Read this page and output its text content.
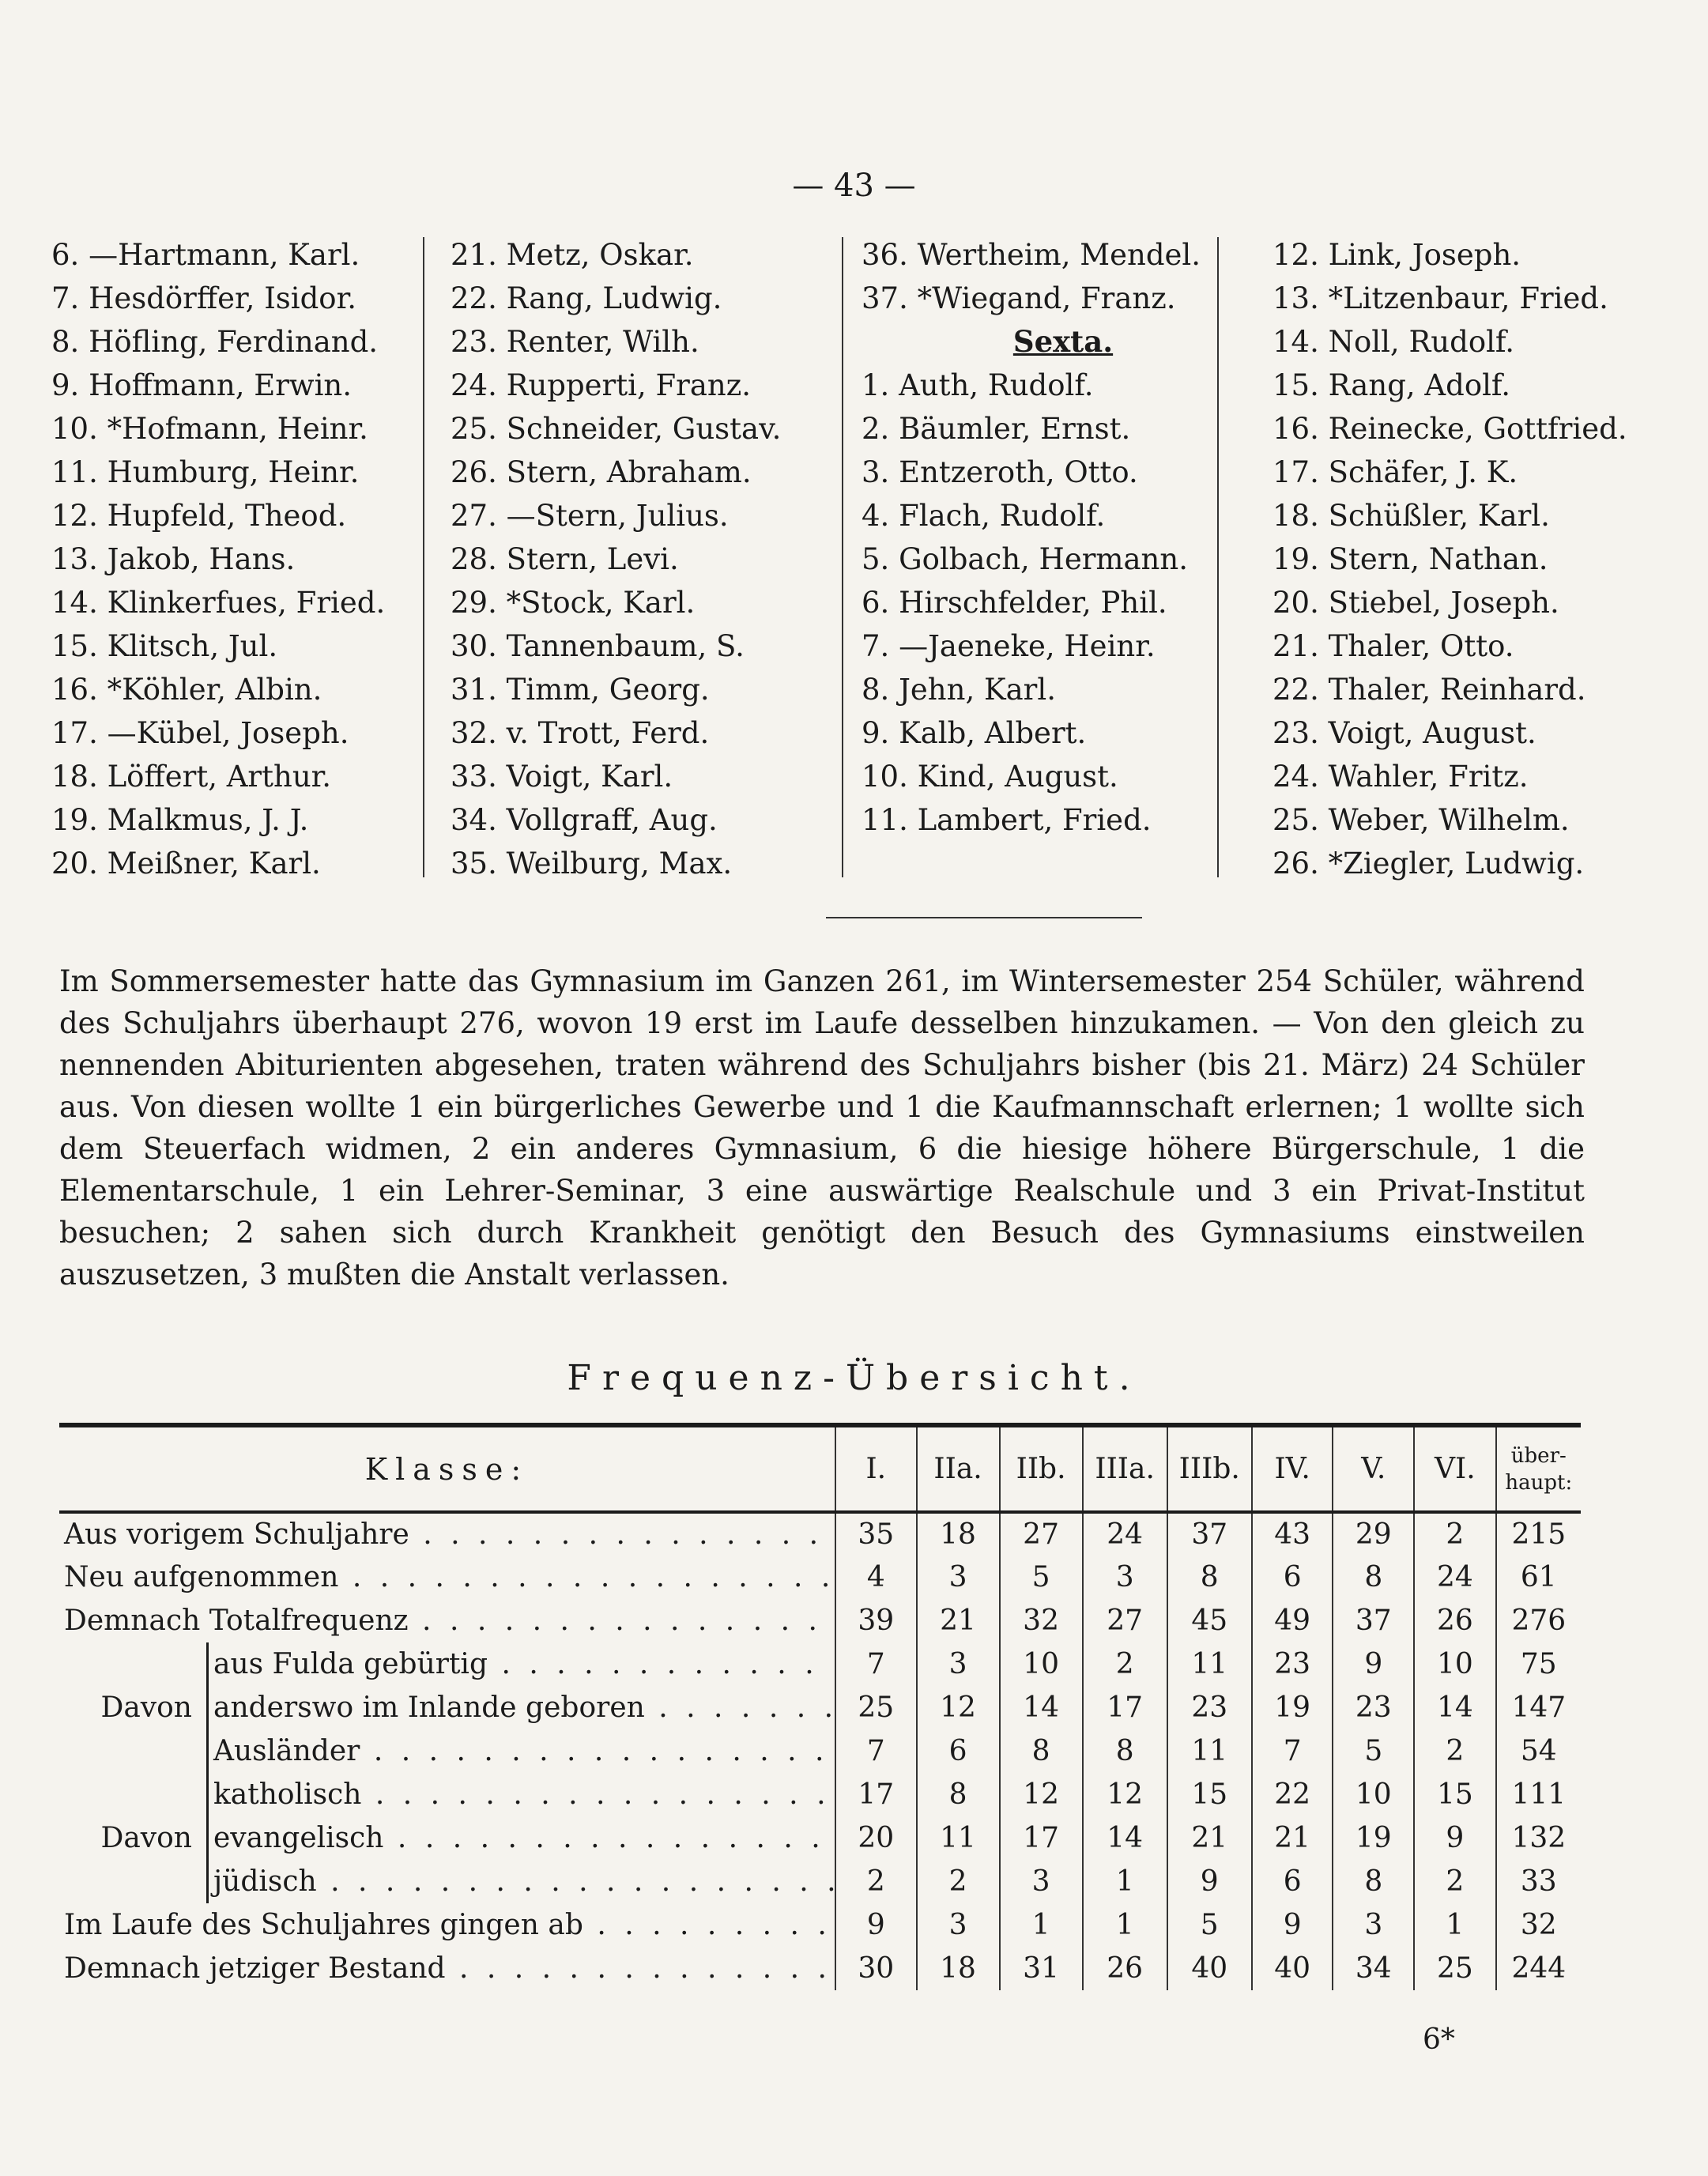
— 43 —
6. —Hartmann, Karl.
7. Hesdörffer, Isidor.
8. Höfling, Ferdinand.
9. Hoffmann, Erwin.
10. *Hofmann, Heinr.
11. Humburg, Heinr.
12. Hupfeld, Theod.
13. Jakob, Hans.
14. Klinkerfues, Fried.
15. Klitsch, Jul.
16. *Köhler, Albin.
17. —Kübel, Joseph.
18. Löffert, Arthur.
19. Malkmus, J. J.
20. Meißner, Karl.
21. Metz, Oskar.
22. Rang, Ludwig.
23. Renter, Wilh.
24. Rupperti, Franz.
25. Schneider, Gustav.
26. Stern, Abraham.
27. —Stern, Julius.
28. Stern, Levi.
29. *Stock, Karl.
30. Tannenbaum, S.
31. Timm, Georg.
32. v. Trott, Ferd.
33. Voigt, Karl.
34. Vollgraff, Aug.
35. Weilburg, Max.
36. Wertheim, Mendel.
37. *Wiegand, Franz.
Sexta.
1. Auth, Rudolf.
2. Bäumler, Ernst.
3. Entzeroth, Otto.
4. Flach, Rudolf.
5. Golbach, Hermann.
6. Hirschfelder, Phil.
7. —Jaeneke, Heinr.
8. Jehn, Karl.
9. Kalb, Albert.
10. Kind, August.
11. Lambert, Fried.
12. Link, Joseph.
13. *Litzenbaur, Fried.
14. Noll, Rudolf.
15. Rang, Adolf.
16. Reinecke, Gottfried.
17. Schäfer, J. K.
18. Schüßler, Karl.
19. Stern, Nathan.
20. Stiebel, Joseph.
21. Thaler, Otto.
22. Thaler, Reinhard.
23. Voigt, August.
24. Wahler, Fritz.
25. Weber, Wilhelm.
26. *Ziegler, Ludwig.
Im Sommersemester hatte das Gymnasium im Ganzen 261, im Wintersemester 254 Schüler, während des Schuljahrs überhaupt 276, wovon 19 erst im Laufe desselben hinzukamen. — Von den gleich zu nennenden Abiturienten abgesehen, traten während des Schuljahrs bisher (bis 21. März) 24 Schüler aus. Von diesen wollte 1 ein bürgerliches Gewerbe und 1 die Kaufmannschaft erlernen; 1 wollte sich dem Steuerfach widmen, 2 ein anderes Gymnasium, 6 die hiesige höhere Bürgerschule, 1 die Elementarschule, 1 ein Lehrer-Seminar, 3 eine auswärtige Realschule und 3 ein Privat-Institut besuchen; 2 sahen sich durch Krankheit genötigt den Besuch des Gymnasiums einstweilen auszusetzen, 3 mußten die Anstalt verlassen.
Frequenz-Übersicht.
Klasse:		I.	IIa.	IIb.	IIIa.	IIIb.	IV.	V.	VI.	über-
haupt:
Aus vorigem Schuljahre . . .		35	18	27	24	37	43	29	2	215
Neu aufgenommen . . .		4	3	5	3	8	6	8	24	61
Demnach Totalfrequenz . . .		39	21	32	27	45	49	37	26	276
Davon	aus Fulda gebürtig . . .	7	3	10	2	11	23	9	10	75
	anderswo im Inlande geboren . . .	25	12	14	17	23	19	23	14	147
	Ausländer . . .	7	6	8	8	11	7	5	2	54
Davon	katholisch . . .	17	8	12	12	15	22	10	15	111
	evangelisch . . .	20	11	17	14	21	21	19	9	132
	jüdisch . . .	2	2	3	1	9	6	8	2	33
Im Laufe des Schuljahres gingen ab . . .		9	3	1	1	5	9	3	1	32
Demnach jetziger Bestand . . .		30	18	31	26	40	40	34	25	244
6*
